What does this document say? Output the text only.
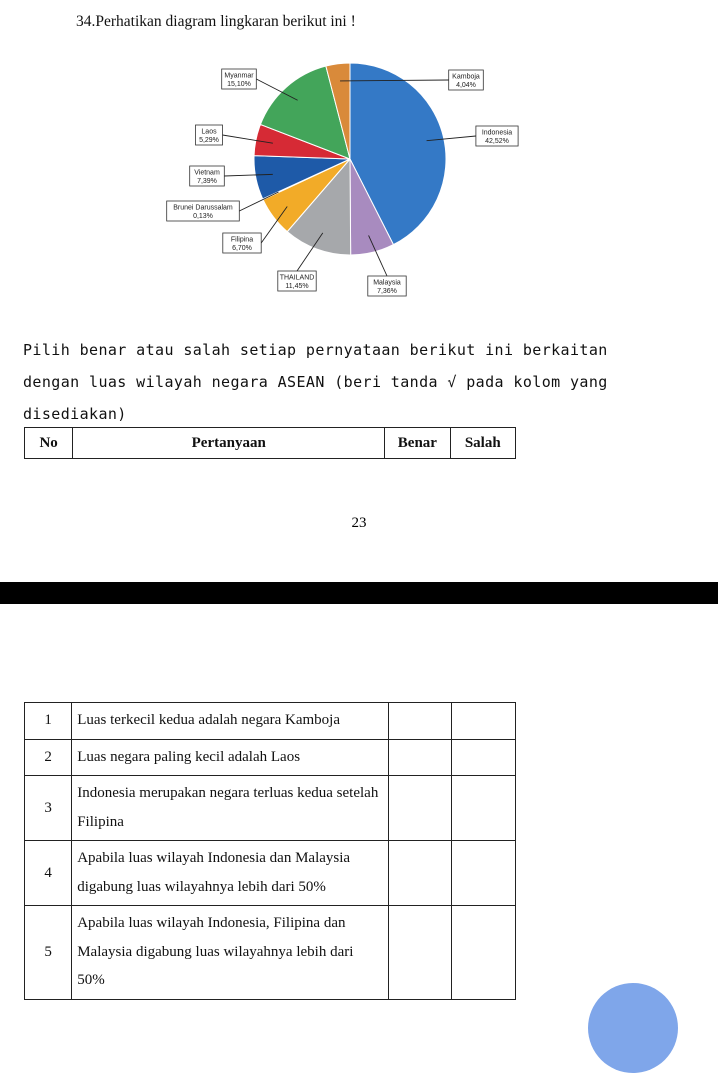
34.Perhatikan diagram lingkaran berikut ini !
Indonesia
42,52%
Malaysia
7,36%
THAILAND
11,45%
Filipina
6,70%
Brunei Darussalam
0,13%
Vietnam
7,39%
Laos
5,29%
Myanmar
15,10%
Kamboja
4,04%
Pilih benar atau salah setiap pernyataan berikut ini berkaitan dengan luas wilayah negara ASEAN (beri tanda √ pada kolom yang disediakan)
No	Pertanyaan	Benar	Salah
23
1	Luas terkecil kedua adalah negara Kamboja		
2	Luas negara paling kecil adalah Laos		
3	Indonesia merupakan negara terluas kedua setelah Filipina		
4	Apabila luas wilayah Indonesia dan Malaysia digabung luas wilayahnya lebih dari 50%		
5	Apabila luas wilayah Indonesia, Filipina dan Malaysia digabung luas wilayahnya lebih dari 50%		
